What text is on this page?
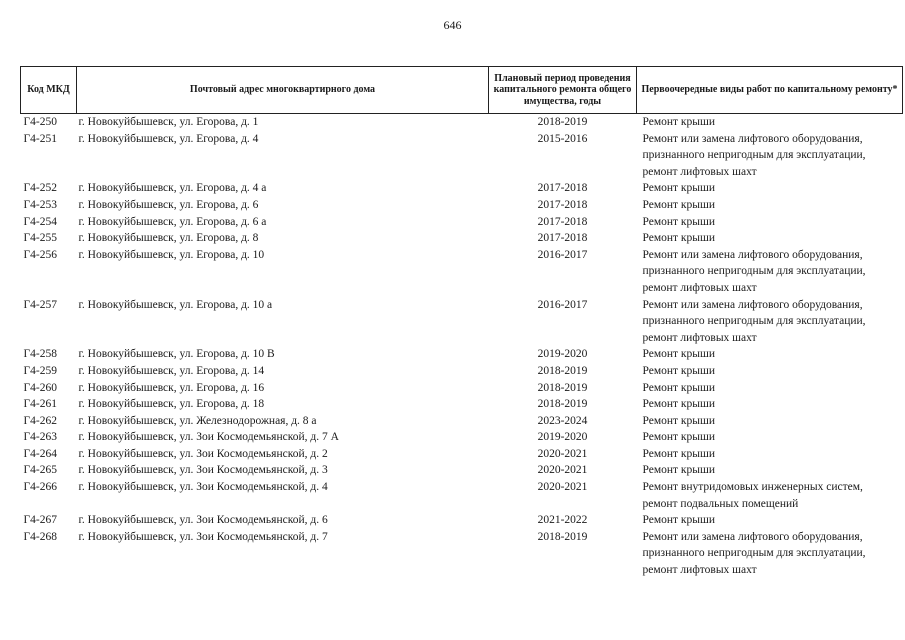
646
Код МКД	Почтовый адрес многоквартирного дома	Плановый период проведения капитального ремонта общего имущества, годы	Первоочередные виды работ по капитальному ремонту*
Г4-250	г. Новокуйбышевск, ул. Егорова, д. 1	2018-2019	Ремонт крыши

Г4-251	г. Новокуйбышевск, ул. Егорова, д. 4	2015-2016	Ремонт или замена лифтового оборудования,
признанного непригодным для эксплуатации,
ремонт лифтовых шахт

Г4-252	г. Новокуйбышевск, ул. Егорова, д. 4 а	2017-2018	Ремонт крыши

Г4-253	г. Новокуйбышевск, ул. Егорова, д. 6	2017-2018	Ремонт крыши

Г4-254	г. Новокуйбышевск, ул. Егорова, д. 6 а	2017-2018	Ремонт крыши

Г4-255	г. Новокуйбышевск, ул. Егорова, д. 8	2017-2018	Ремонт крыши

Г4-256	г. Новокуйбышевск, ул. Егорова, д. 10	2016-2017	Ремонт или замена лифтового оборудования,
признанного непригодным для эксплуатации,
ремонт лифтовых шахт

Г4-257	г. Новокуйбышевск, ул. Егорова, д. 10 а	2016-2017	Ремонт или замена лифтового оборудования,
признанного непригодным для эксплуатации,
ремонт лифтовых шахт

Г4-258	г. Новокуйбышевск, ул. Егорова, д. 10 В	2019-2020	Ремонт крыши

Г4-259	г. Новокуйбышевск, ул. Егорова, д. 14	2018-2019	Ремонт крыши

Г4-260	г. Новокуйбышевск, ул. Егорова, д. 16	2018-2019	Ремонт крыши

Г4-261	г. Новокуйбышевск, ул. Егорова, д. 18	2018-2019	Ремонт крыши

Г4-262	г. Новокуйбышевск, ул. Железнодорожная, д. 8 а	2023-2024	Ремонт крыши

Г4-263	г. Новокуйбышевск, ул. Зои Космодемьянской, д. 7 А	2019-2020	Ремонт крыши

Г4-264	г. Новокуйбышевск, ул. Зои Космодемьянской, д. 2	2020-2021	Ремонт крыши

Г4-265	г. Новокуйбышевск, ул. Зои Космодемьянской, д. 3	2020-2021	Ремонт крыши

Г4-266	г. Новокуйбышевск, ул. Зои Космодемьянской, д. 4	2020-2021	Ремонт внутридомовых инженерных систем,
ремонт подвальных помещений

Г4-267	г. Новокуйбышевск, ул. Зои Космодемьянской, д. 6	2021-2022	Ремонт крыши

Г4-268	г. Новокуйбышевск, ул. Зои Космодемьянской, д. 7	2018-2019	Ремонт или замена лифтового оборудования,
признанного непригодным для эксплуатации,
ремонт лифтовых шахт
